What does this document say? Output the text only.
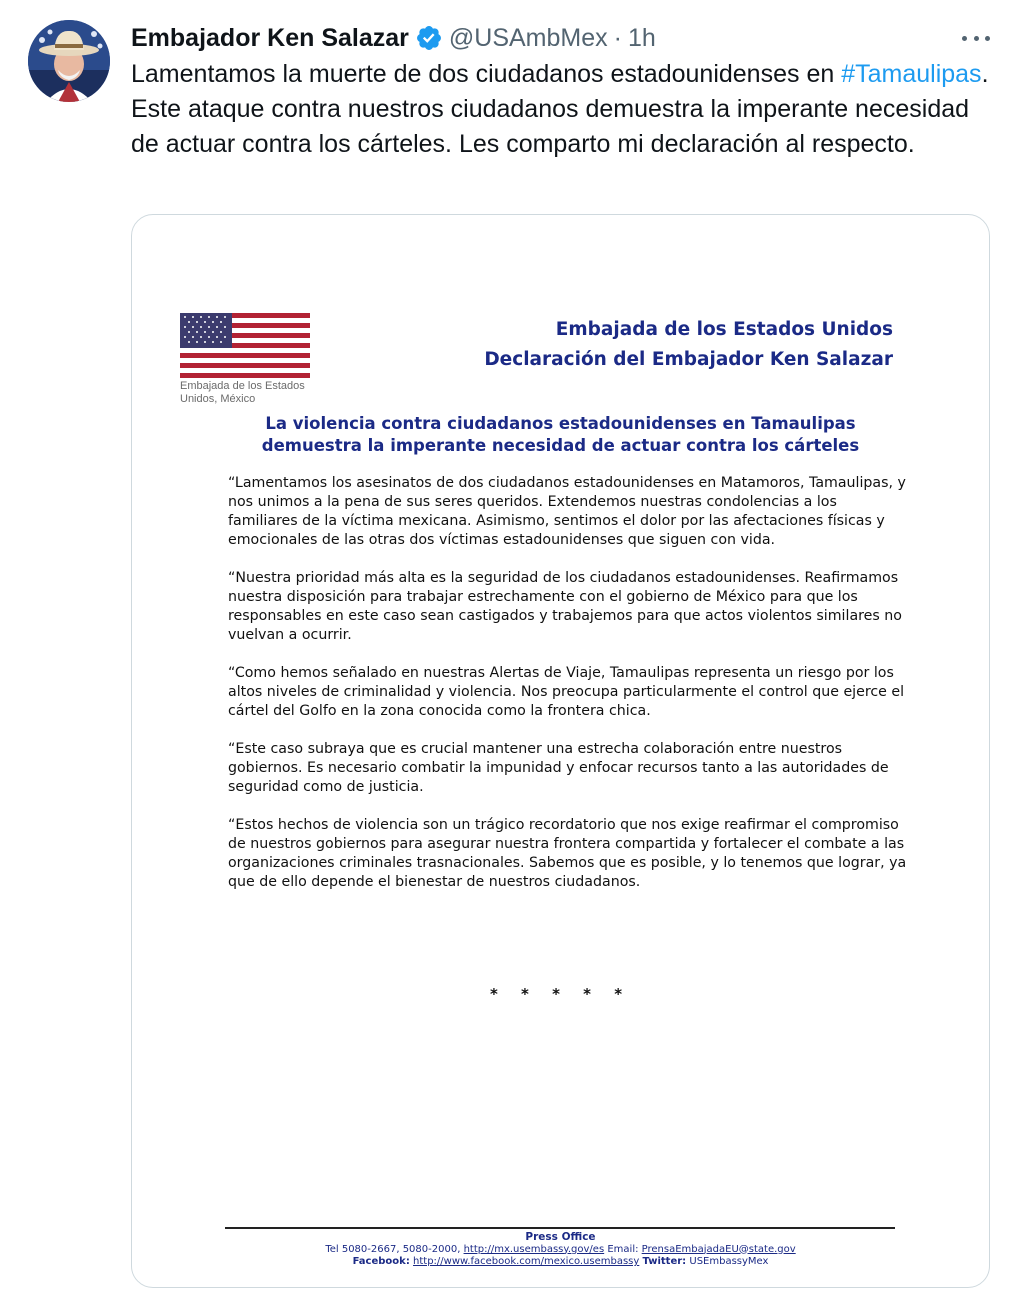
Embajador Ken Salazar @USAmbMex · 1h
Lamentamos la muerte de dos ciudadanos estadounidenses en #Tamaulipas. Este ataque contra nuestros ciudadanos demuestra la imperante necesidad de actuar contra los cárteles. Les comparto mi declaración al respecto.
Embajada de los Estados
Unidos, México
Embajada de los Estados Unidos
Declaración del Embajador Ken Salazar
La violencia contra ciudadanos estadounidenses en Tamaulipas
demuestra la imperante necesidad de actuar contra los cárteles

“Lamentamos los asesinatos de dos ciudadanos estadounidenses en Matamoros, Tamaulipas, y nos unimos a la pena de sus seres queridos. Extendemos nuestras condolencias a los familiares de la víctima mexicana. Asimismo, sentimos el dolor por las afectaciones físicas y emocionales de las otras dos víctimas estadounidenses que siguen con vida.

“Nuestra prioridad más alta es la seguridad de los ciudadanos estadounidenses. Reafirmamos nuestra disposición para trabajar estrechamente con el gobierno de México para que los responsables en este caso sean castigados y trabajemos para que actos violentos similares no vuelvan a ocurrir.

“Como hemos señalado en nuestras Alertas de Viaje, Tamaulipas representa un riesgo por los altos niveles de criminalidad y violencia. Nos preocupa particularmente el control que ejerce el cártel del Golfo en la zona conocida como la frontera chica.

“Este caso subraya que es crucial mantener una estrecha colaboración entre nuestros gobiernos. Es necesario combatir la impunidad y enfocar recursos tanto a las autoridades de seguridad como de justicia.

“Estos hechos de violencia son un trágico recordatorio que nos exige reafirmar el compromiso de nuestros gobiernos para asegurar nuestra frontera compartida y fortalecer el combate a las organizaciones criminales trasnacionales. Sabemos que es posible, y lo tenemos que lograr, ya que de ello depende el bienestar de nuestros ciudadanos.

* * * * *
Press Office
Tel 5080-2667, 5080-2000, http://mx.usembassy.gov/es Email: PrensaEmbajadaEU@state.gov
Facebook: http://www.facebook.com/mexico.usembassy Twitter: USEmbassyMex
